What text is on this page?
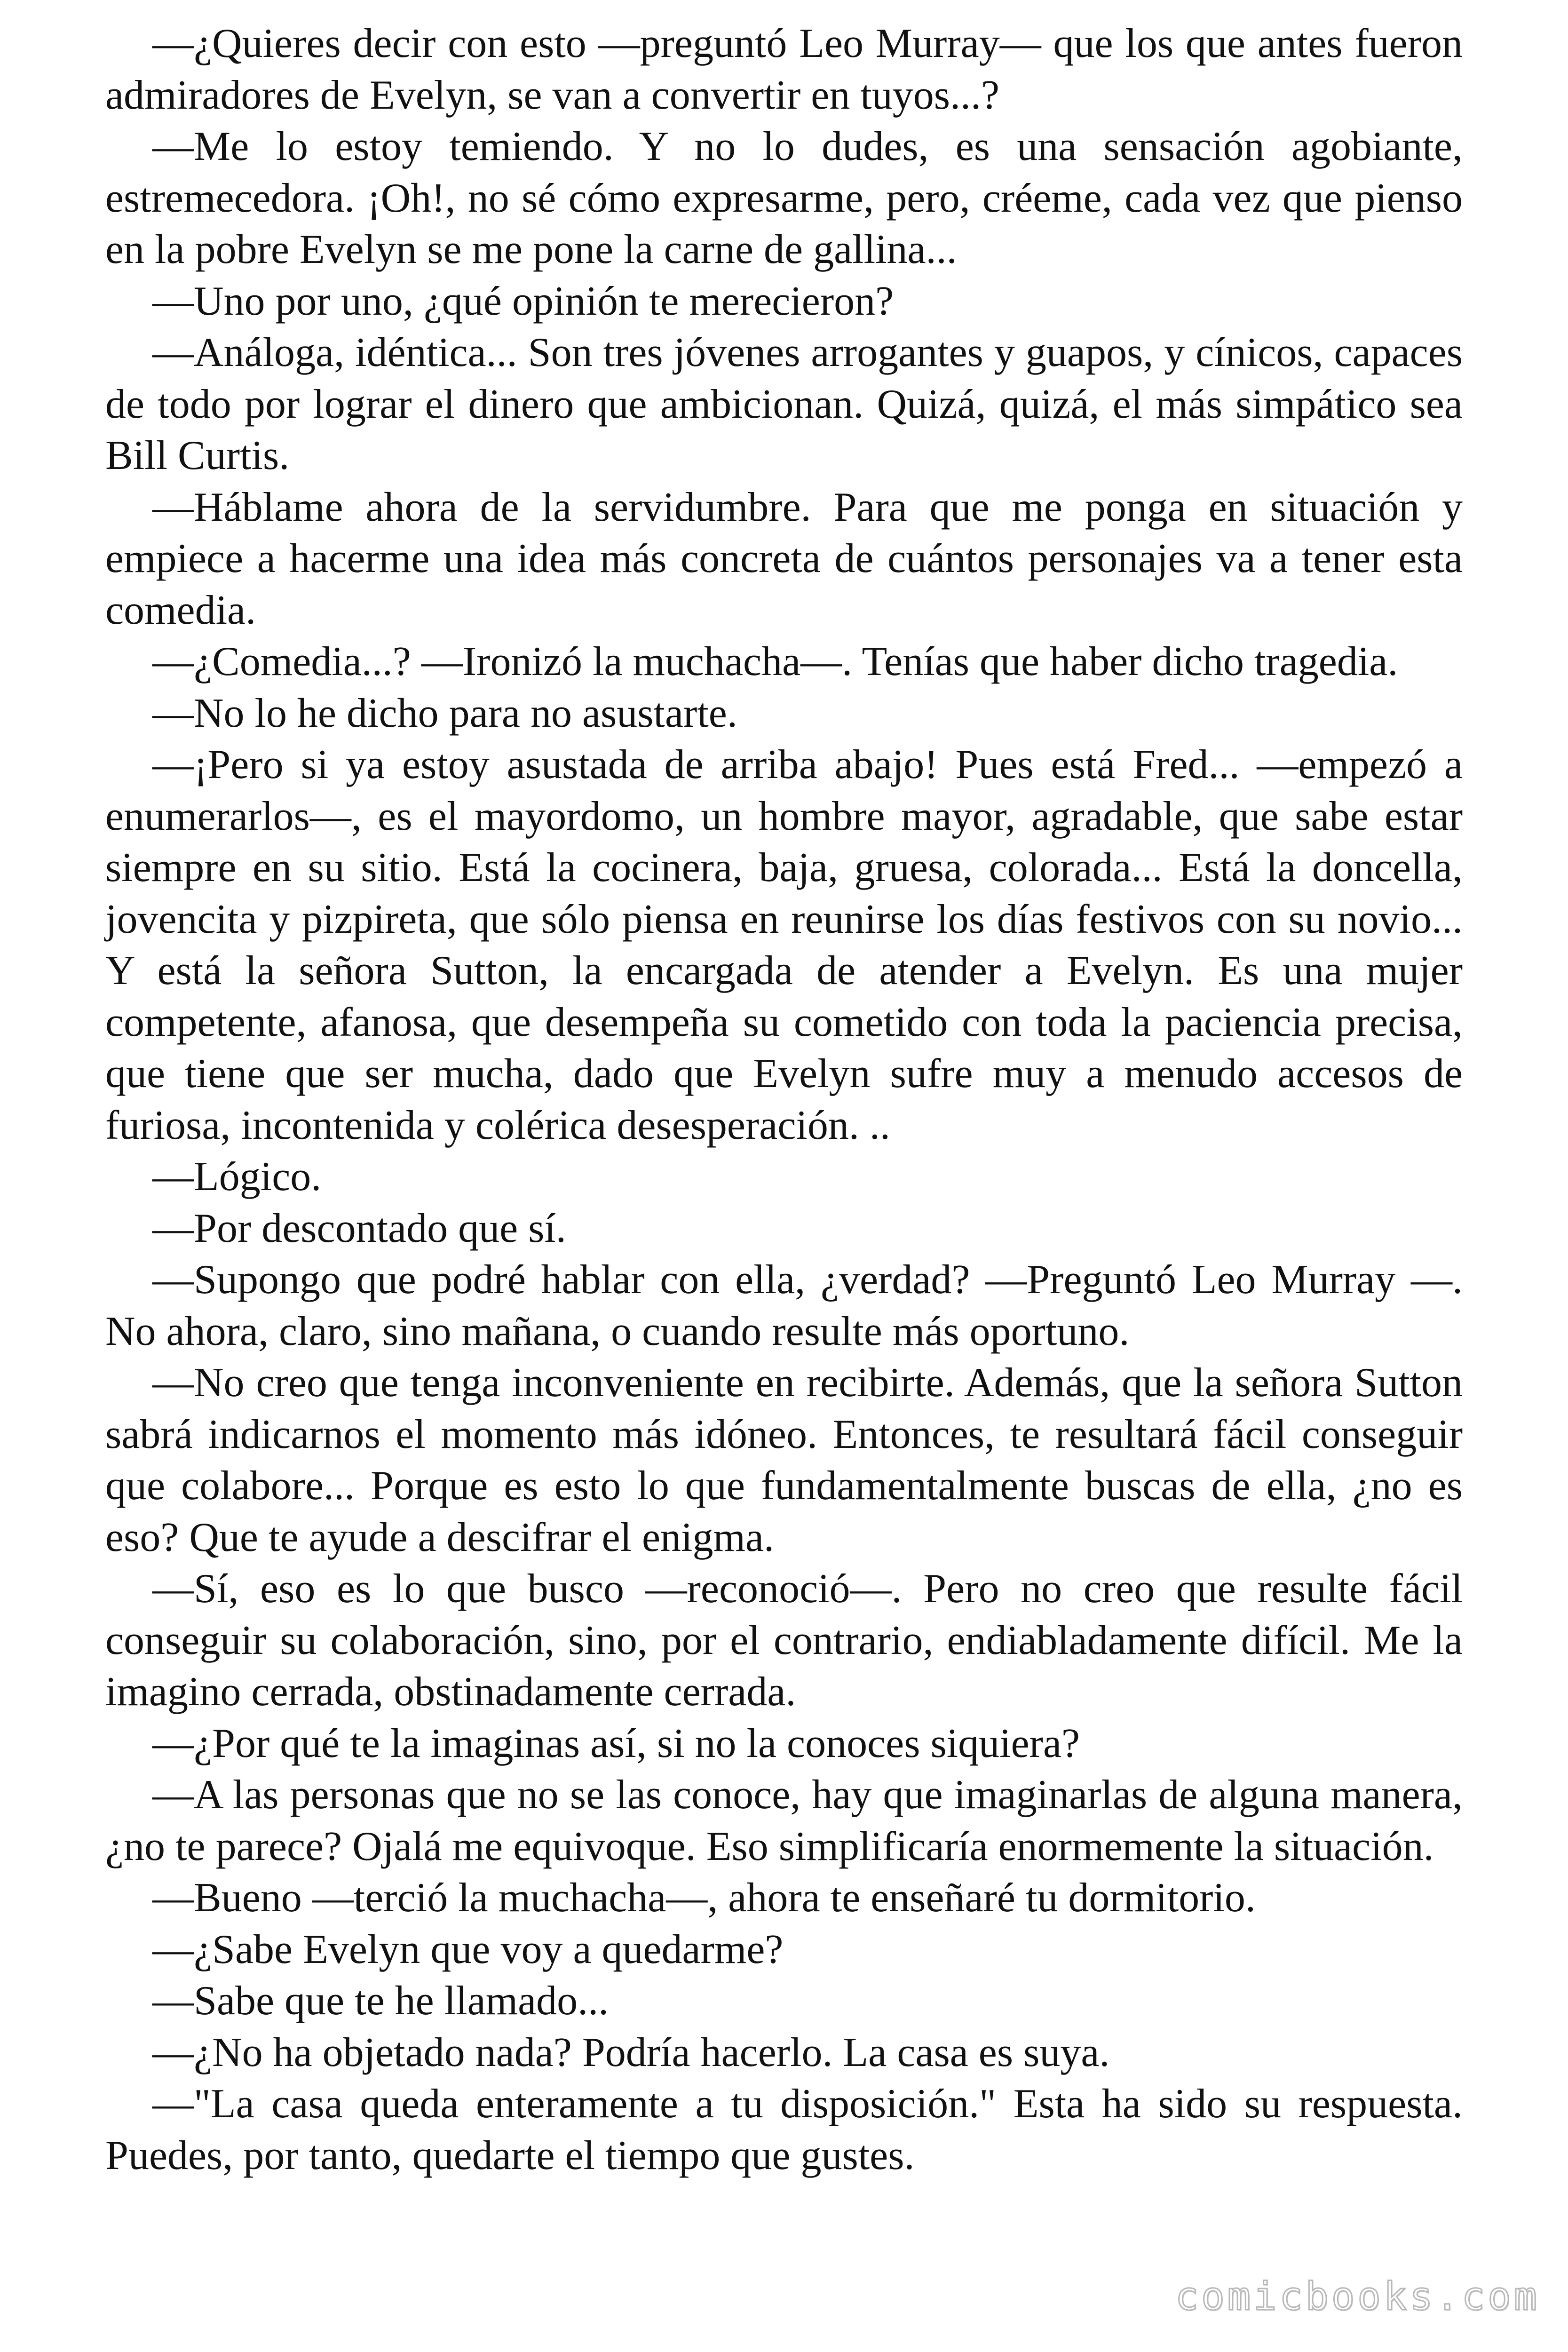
—¿Quieres decir con esto —preguntó Leo Murray— que los que antes fueron admiradores de Evelyn, se van a convertir en tuyos...?

—Me lo estoy temiendo. Y no lo dudes, es una sensación agobiante, estremecedora. ¡Oh!, no sé cómo expresarme, pero, créeme, cada vez que pienso en la pobre Evelyn se me pone la carne de gallina...

—Uno por uno, ¿qué opinión te merecieron?

—Análoga, idéntica... Son tres jóvenes arrogantes y guapos, y cínicos, capaces de todo por lograr el dinero que ambicionan. Quizá, quizá, el más simpático sea Bill Curtis.

—Háblame ahora de la servidumbre. Para que me ponga en situación y empiece a hacerme una idea más concreta de cuántos personajes va a tener esta comedia.

—¿Comedia...? —Ironizó la muchacha—. Tenías que haber dicho tragedia.

—No lo he dicho para no asustarte.

—¡Pero si ya estoy asustada de arriba abajo! Pues está Fred... —empezó a enumerarlos—, es el mayordomo, un hombre mayor, agradable, que sabe estar siempre en su sitio. Está la cocinera, baja, gruesa, colorada... Está la doncella, jovencita y pizpireta, que sólo piensa en reunirse los días festivos con su novio... Y está la señora Sutton, la encargada de atender a Evelyn. Es una mujer competente, afanosa, que desempeña su cometido con toda la paciencia precisa, que tiene que ser mucha, dado que Evelyn sufre muy a menudo accesos de furiosa, incontenida y colérica desesperación. ..

—Lógico.

—Por descontado que sí.

—Supongo que podré hablar con ella, ¿verdad? —Preguntó Leo Murray —. No ahora, claro, sino mañana, o cuando resulte más oportuno.

—No creo que tenga inconveniente en recibirte. Además, que la señora Sutton sabrá indicarnos el momento más idóneo. Entonces, te resultará fácil conseguir que colabore... Porque es esto lo que fundamentalmente buscas de ella, ¿no es eso? Que te ayude a descifrar el enigma.

—Sí, eso es lo que busco —reconoció—. Pero no creo que resulte fácil conseguir su colaboración, sino, por el contrario, endiabladamente difícil. Me la imagino cerrada, obstinadamente cerrada.

—¿Por qué te la imaginas así, si no la conoces siquiera?

—A las personas que no se las conoce, hay que imaginarlas de alguna manera, ¿no te parece? Ojalá me equivoque. Eso simplificaría enormemente la situación.

—Bueno —terció la muchacha—, ahora te enseñaré tu dormitorio.

—¿Sabe Evelyn que voy a quedarme?

—Sabe que te he llamado...

—¿No ha objetado nada? Podría hacerlo. La casa es suya.

—"La casa queda enteramente a tu disposición." Esta ha sido su respuesta. Puedes, por tanto, quedarte el tiempo que gustes.

comicbooks.com
